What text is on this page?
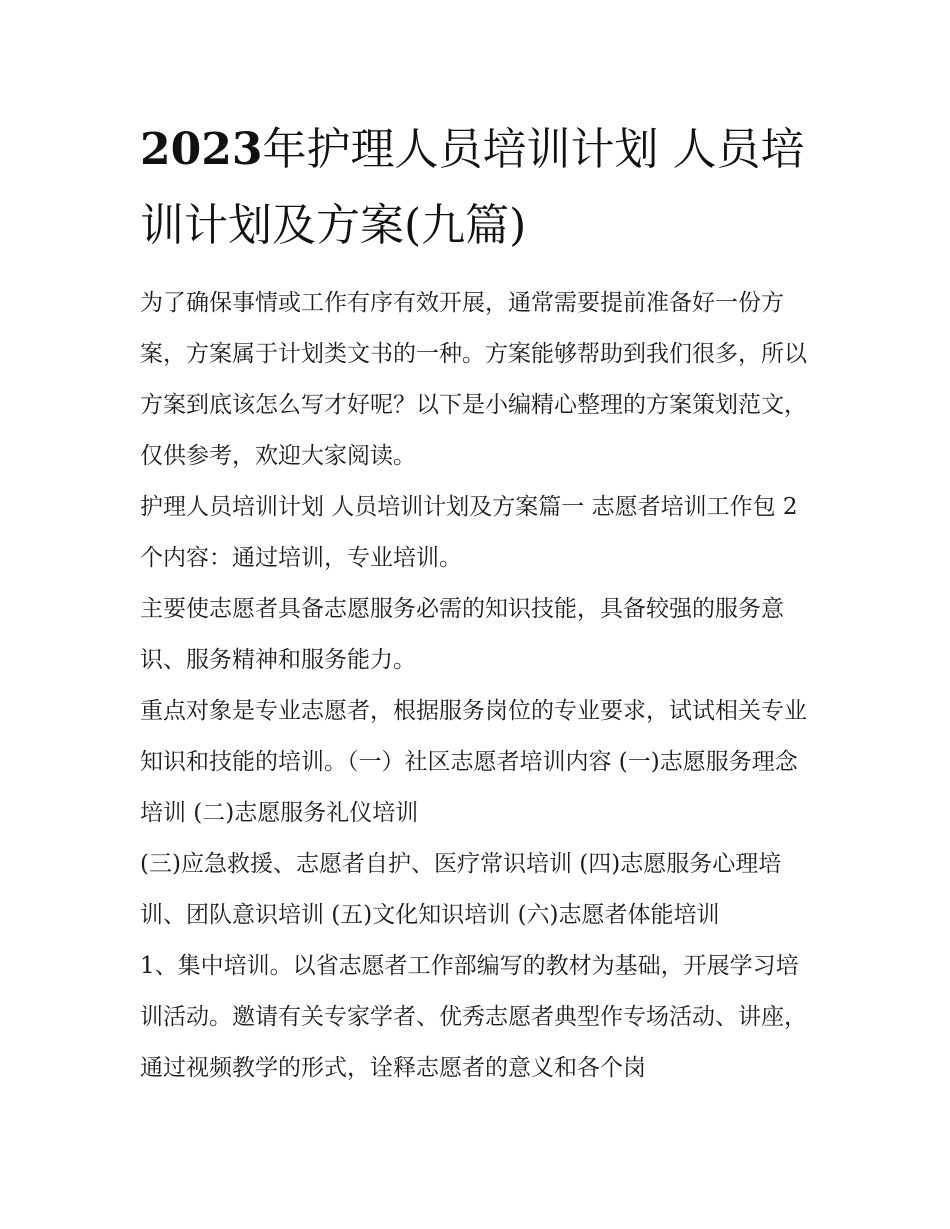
2023年护理人员培训计划 人员培训计划及方案(九篇)

为了确保事情或工作有序有效开展，通常需要提前准备好一份方案，方案属于计划类文书的一种。方案能够帮助到我们很多，所以方案到底该怎么写才好呢？以下是小编精心整理的方案策划范文，仅供参考，欢迎大家阅读。

护理人员培训计划 人员培训计划及方案篇一 志愿者培训工作包 2 个内容：通过培训，专业培训。

主要使志愿者具备志愿服务必需的知识技能，具备较强的服务意识、服务精神和服务能力。

重点对象是专业志愿者，根据服务岗位的专业要求，试试相关专业知识和技能的培训。（一）社区志愿者培训内容 (一)志愿服务理念培训 (二)志愿服务礼仪培训

(三)应急救援、志愿者自护、医疗常识培训 (四)志愿服务心理培训、团队意识培训 (五)文化知识培训 (六)志愿者体能培训

1、集中培训。以省志愿者工作部编写的教材为基础，开展学习培训活动。邀请有关专家学者、优秀志愿者典型作专场活动、讲座，通过视频教学的形式，诠释志愿者的意义和各个岗
